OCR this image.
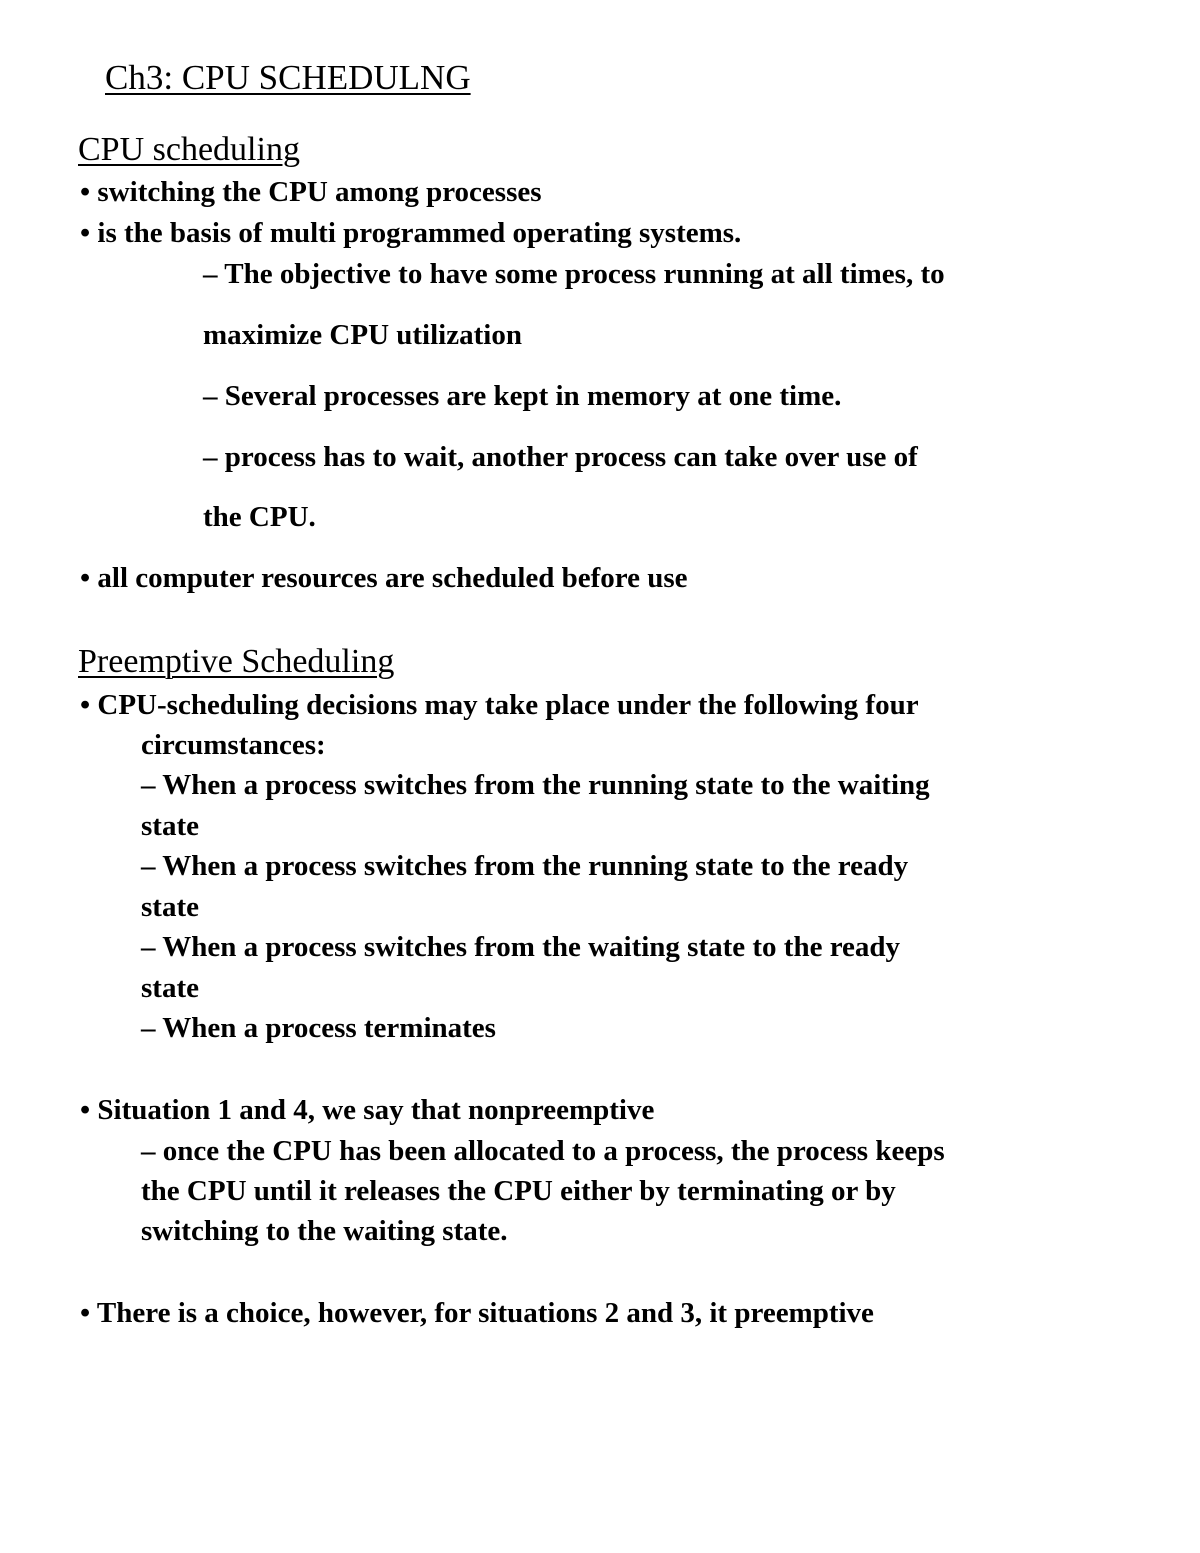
Ch3: CPU SCHEDULNG
CPU scheduling
• switching the CPU among processes
• is the basis of multi programmed operating systems.
– The objective to have some process running at all times, to
maximize CPU utilization
– Several processes are kept in memory at one time.
– process has to wait, another process can take over use of
the CPU.
• all computer resources are scheduled before use
Preemptive Scheduling
• CPU-scheduling decisions may take place under the following four
circumstances:
– When a process switches from the running state to the waiting
state
– When a process switches from the running state to the ready
state
– When a process switches from the waiting state to the ready
state
– When a process terminates
• Situation 1 and 4, we say that nonpreemptive
– once the CPU has been allocated to a process, the process keeps
the CPU until it releases the CPU either by terminating or by
switching to the waiting state.
• There is a choice, however, for situations 2 and 3, it preemptive
